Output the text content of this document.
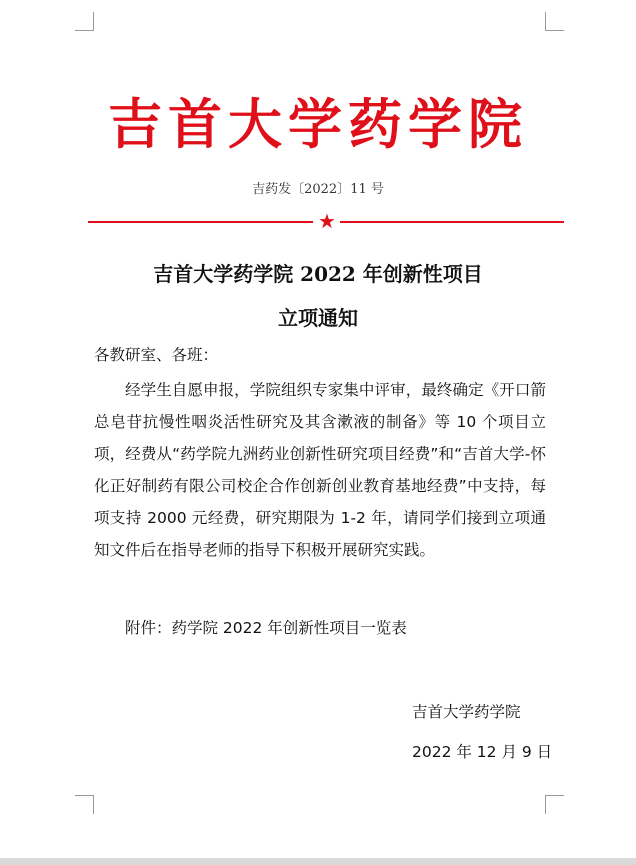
吉首大学药学院
吉药发〔2022〕11 号
★
吉首大学药学院 2022 年创新性项目
立项通知
各教研室、各班：
经学生自愿申报，学院组织专家集中评审，最终确定《开口箭总皂苷抗慢性咽炎活性研究及其含漱液的制备》等 10 个项目立项，经费从“药学院九洲药业创新性研究项目经费”和“吉首大学-怀化正好制药有限公司校企合作创新创业教育基地经费”中支持，每项支持 2000 元经费，研究期限为 1-2 年，请同学们接到立项通知文件后在指导老师的指导下积极开展研究实践。
附件：药学院 2022 年创新性项目一览表
吉首大学药学院
2022 年 12 月 9 日
